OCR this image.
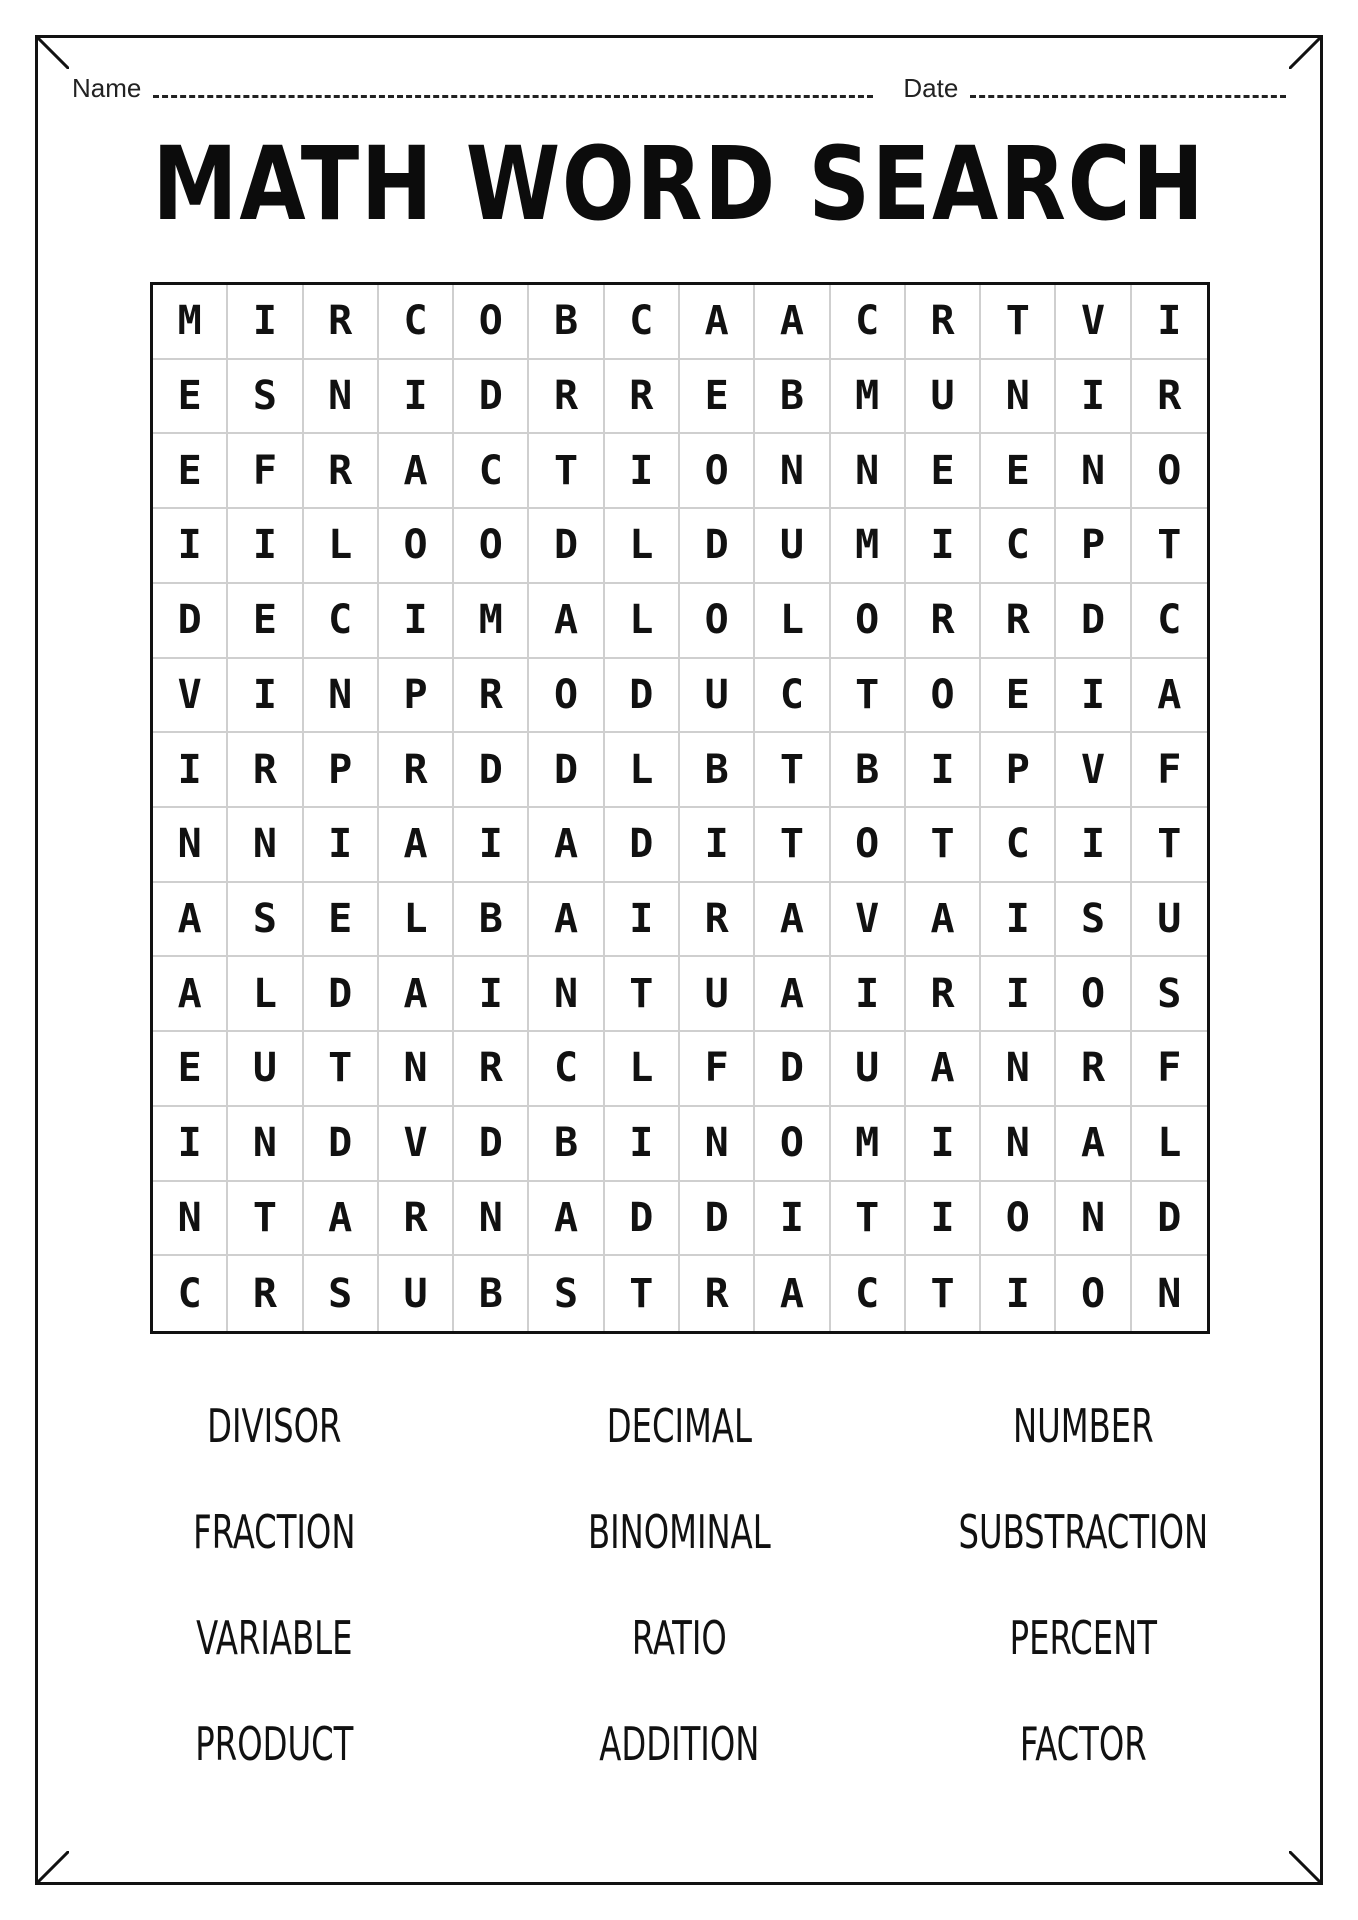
Name	Date
MATH WORD SEARCH
M	I	R	C	O	B	C	A	A	C	R	T	V	I
E	S	N	I	D	R	R	E	B	M	U	N	I	R
E	F	R	A	C	T	I	O	N	N	E	E	N	O
I	I	L	O	O	D	L	D	U	M	I	C	P	T
D	E	C	I	M	A	L	O	L	O	R	R	D	C
V	I	N	P	R	O	D	U	C	T	O	E	I	A
I	R	P	R	D	D	L	B	T	B	I	P	V	F
N	N	I	A	I	A	D	I	T	O	T	C	I	T
A	S	E	L	B	A	I	R	A	V	A	I	S	U
A	L	D	A	I	N	T	U	A	I	R	I	O	S
E	U	T	N	R	C	L	F	D	U	A	N	R	F
I	N	D	V	D	B	I	N	O	M	I	N	A	L
N	T	A	R	N	A	D	D	I	T	I	O	N	D
C	R	S	U	B	S	T	R	A	C	T	I	O	N
DIVISOR	DECIMAL	NUMBER
FRACTION	BINOMINAL	SUBSTRACTION
VARIABLE	RATIO	PERCENT
PRODUCT	ADDITION	FACTOR
